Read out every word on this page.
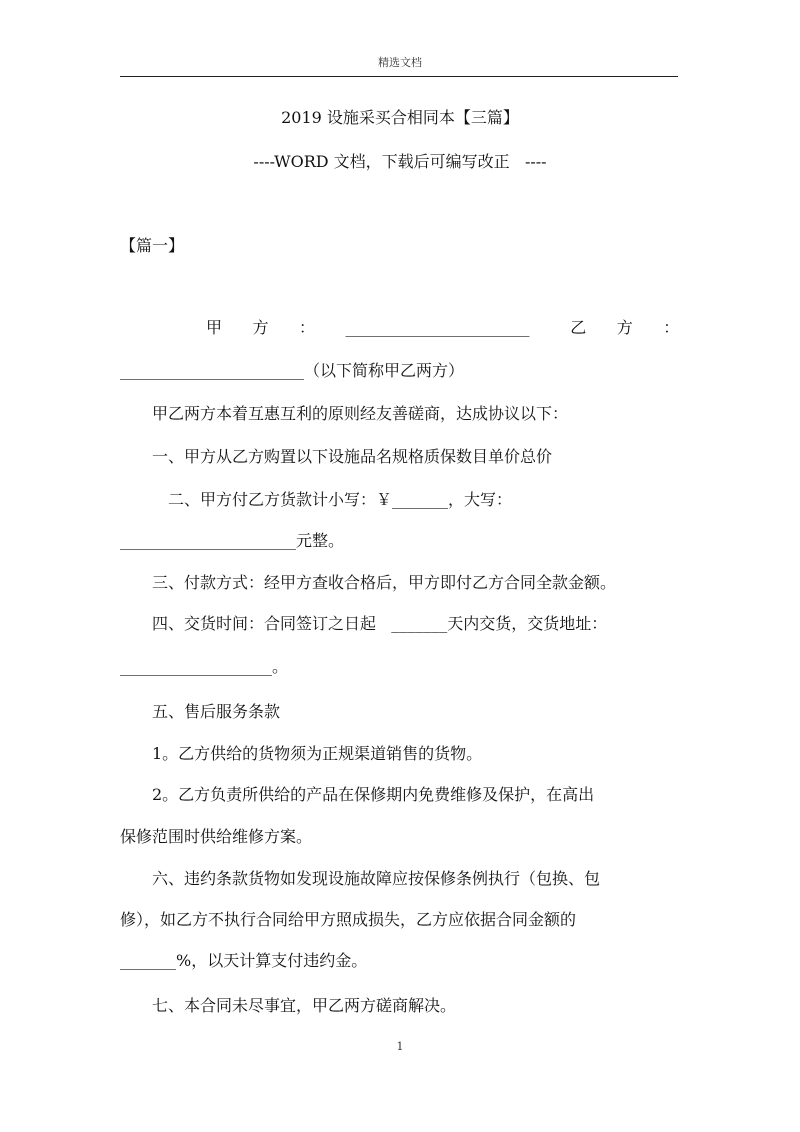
精选文档
2019 设施采买合相同本【三篇】
----WORD 文档，下载后可编写改正   ----
【篇一】
甲      方      ：      _______________________        乙      方      ：
_______________________（以下简称甲乙两方）
甲乙两方本着互惠互利的原则经友善磋商，达成协议以下：
一、甲方从乙方购置以下设施品名规格质保数目单价总价
二、甲方付乙方货款计小写：￥_______，大写：
______________________元整。
三、付款方式：经甲方查收合格后，甲方即付乙方合同全款金额。
四、交货时间：合同签订之日起   _______天内交货，交货地址：
___________________。
五、售后服务条款
1。乙方供给的货物须为正规渠道销售的货物。
2。乙方负责所供给的产品在保修期内免费维修及保护，在高出
保修范围时供给维修方案。
六、违约条款货物如发现设施故障应按保修条例执行（包换、包
修），如乙方不执行合同给甲方照成损失，乙方应依据合同金额的
_______%，以天计算支付违约金。
七、本合同未尽事宜，甲乙两方磋商解决。
1
